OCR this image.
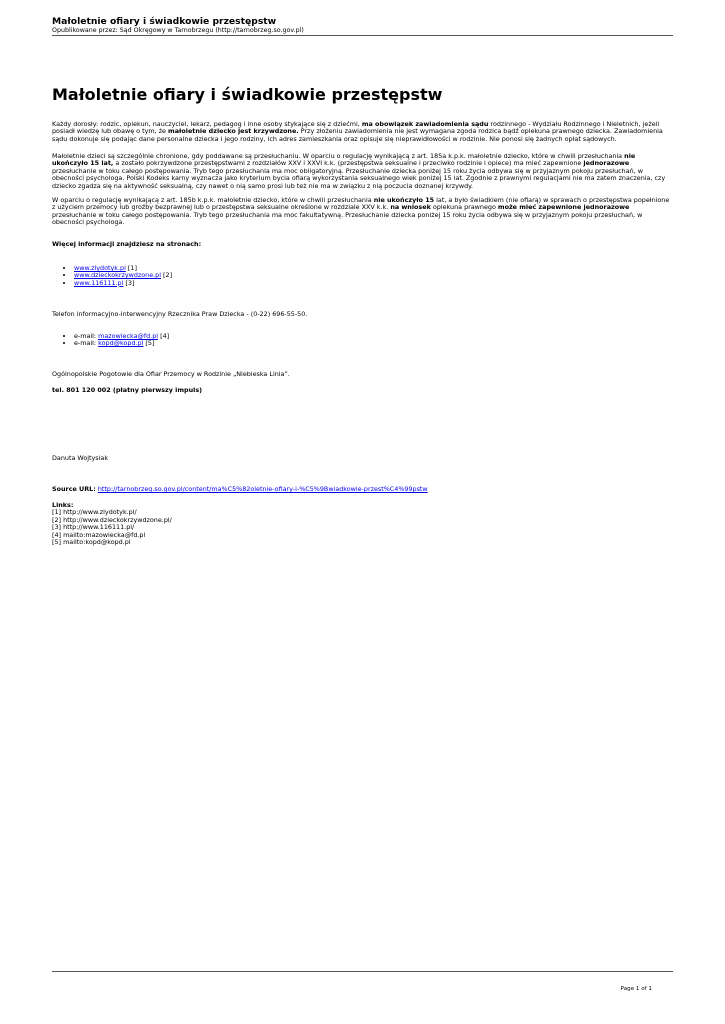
Małoletnie ofiary i świadkowie przestępstw
Opublikowane przez: Sąd Okręgowy w Tarnobrzegu (http://tarnobrzeg.so.gov.pl)
Małoletnie ofiary i świadkowie przestępstw

Każdy dorosły: rodzic, opiekun, nauczyciel, lekarz, pedagog i inne osoby stykające się z dziećmi, ma obowiązek zawiadomienia sądu rodzinnego - Wydziału Rodzinnego i Nieletnich, jeżeli posiadł wiedzę lub obawę o tym, że małoletnie dziecko jest krzywdzone. Przy złożeniu zawiadomienia nie jest wymagana zgoda rodzica bądź opiekuna prawnego dziecka. Zawiadomienia sądu dokonuje się podając dane personalne dziecka i jego rodziny, ich adres zamieszkania oraz opisuje się nieprawidłowości w rodzinie. Nie ponosi się żadnych opłat sądowych.

Małoletnie dzieci są szczególnie chronione, gdy poddawane są przesłuchaniu. W oparciu o regulację wynikającą z art. 185a k.p.k. małoletnie dziecko, które w chwili przesłuchania nie ukończyło 15 lat, a zostało pokrzywdzone przestępstwami z rozdziałów XXV i XXVI k.k. (przestępstwa seksualne i przeciwko rodzinie i opiece) ma mieć zapewnione jednorazowe przesłuchanie w toku całego postępowania. Tryb tego przesłuchania ma moc obligatoryjną. Przesłuchanie dziecka poniżej 15 roku życia odbywa się w przyjaznym pokoju przesłuchań, w obecności psychologa. Polski Kodeks karny wyznacza jako kryterium bycia ofiarą wykorzystania seksualnego wiek poniżej 15 lat. Zgodnie z prawnymi regulacjami nie ma zatem znaczenia, czy dziecko zgadza się na aktywność seksualną, czy nawet o nią samo prosi lub też nie ma w związku z nią poczucia doznanej krzywdy.

W oparciu o regulację wynikającą z art. 185b k.p.k. małoletnie dziecko, które w chwili przesłuchania nie ukończyło 15 lat, a było świadkiem (nie ofiarą) w sprawach o przestępstwa popełnione z użyciem przemocy lub groźby bezprawnej lub o przestępstwa seksualne określone w rozdziale XXV k.k. na wniosek opiekuna prawnego może mieć zapewnione jednorazowe przesłuchanie w toku całego postępowania. Tryb tego przesłuchania ma moc fakultatywną. Przesłuchanie dziecka poniżej 15 roku życia odbywa się w przyjaznym pokoju przesłuchań, w obecności psychologa.

Więcej informacji znajdziesz na stronach:

• www.zlydotyk.pl [1]
• www.dzieckokrzywdzone.pl [2]
• www.116111.pl [3]
Telefon informacyjno-interwencyjny Rzecznika Praw Dziecka - (0-22) 696-55-50.
• e-mail: mazowiecka@fd.pl [4]
• e-mail: kopd@kopd.pl [5]
Ogólnopolskie Pogotowie dla Ofiar Przemocy w Rodzinie „Niebieska Linia”.
tel. 801 120 002 (płatny pierwszy impuls)
Danuta Wojtysiak
Source URL: http://tarnobrzeg.so.gov.pl/content/ma%C5%82oletnie-ofiary-i-%C5%9Bwiadkowie-przest%C4%99pstw
Links:
[1] http://www.zlydotyk.pl/
[2] http://www.dzieckokrzywdzone.pl/
[3] http://www.116111.pl/
[4] mailto:mazowiecka@fd.pl
[5] mailto:kopd@kopd.pl
Page 1 of 1
